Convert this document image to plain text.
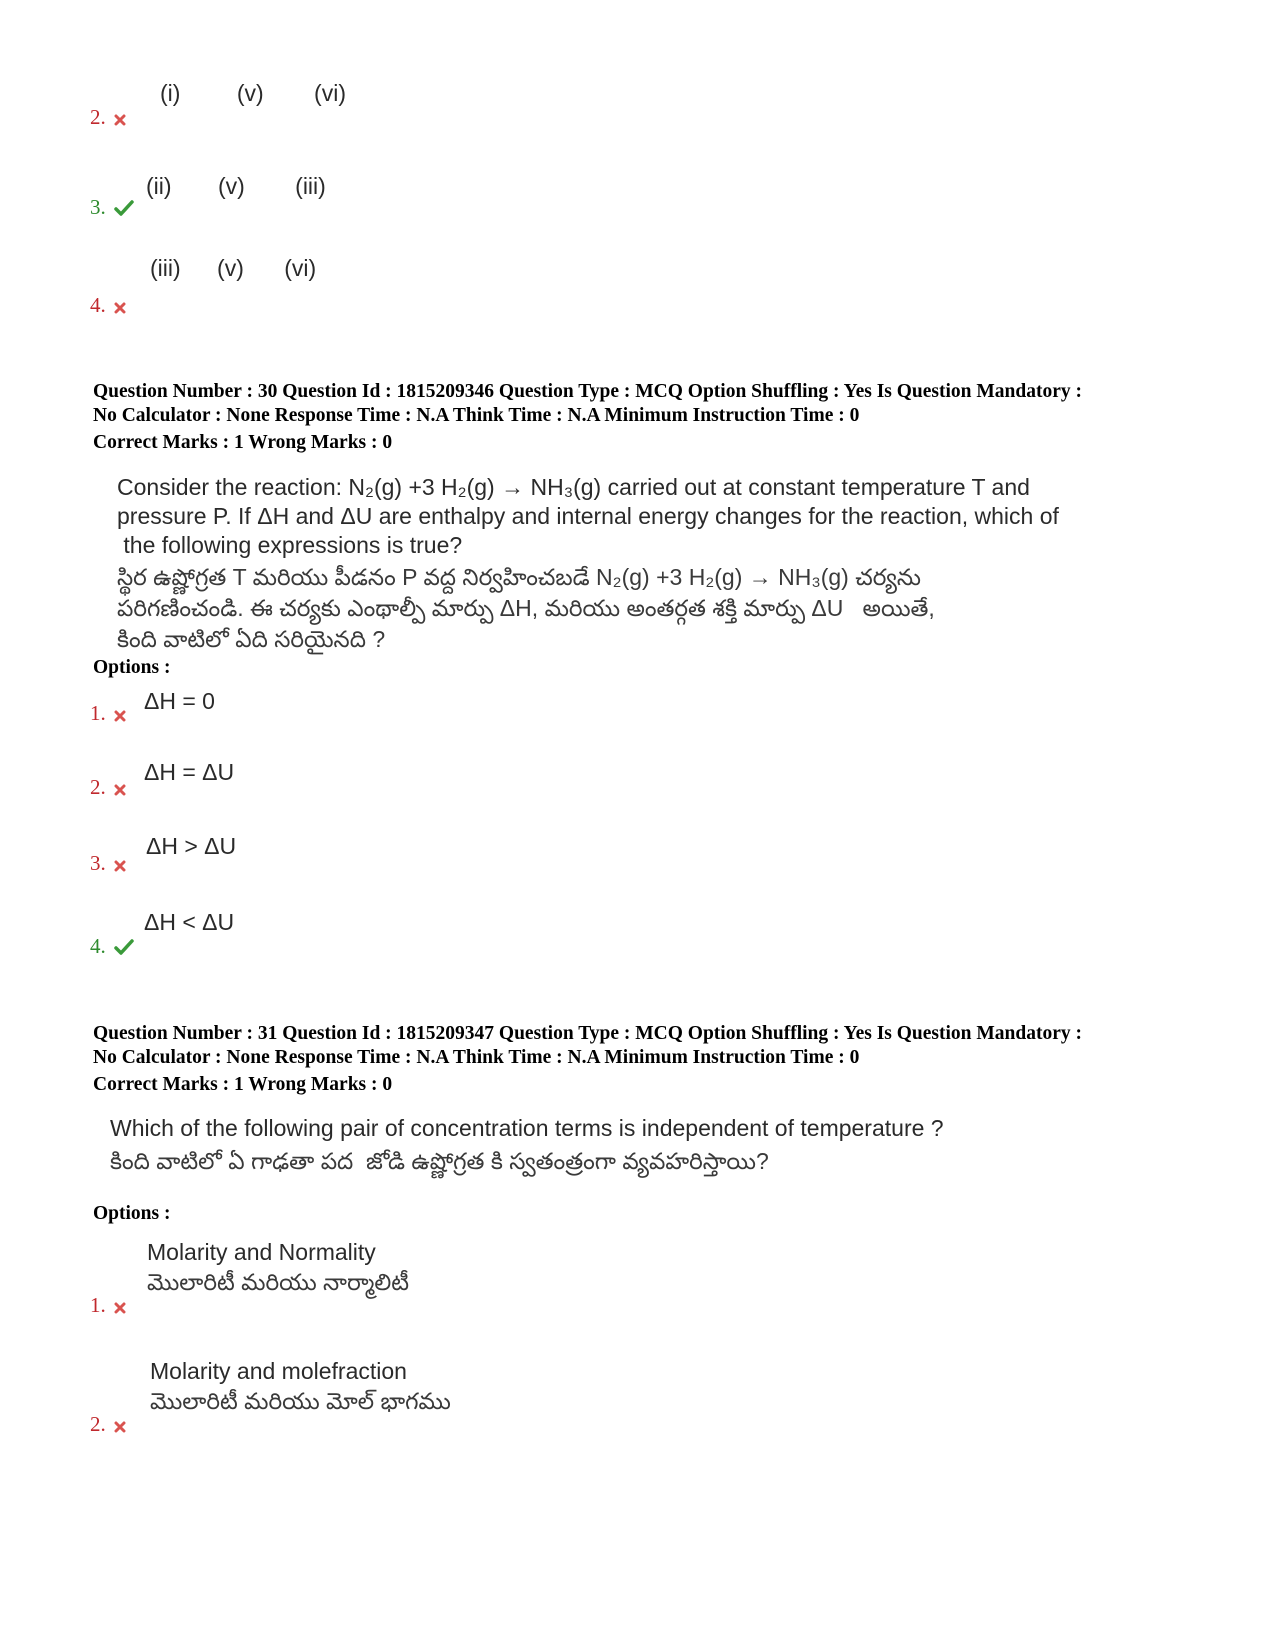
(i) (v) (vi)
2.
(ii) (v) (iii)
3.
(iii) (v) (vi)
4.
Question Number : 30 Question Id : 1815209346 Question Type : MCQ Option Shuffling : Yes Is Question Mandatory :
No Calculator : None Response Time : N.A Think Time : N.A Minimum Instruction Time : 0
Correct Marks : 1 Wrong Marks : 0
Consider the reaction: N₂(g) +3 H₂(g) → NH₃(g) carried out at constant temperature T and
pressure P. If ΔH and ΔU are enthalpy and internal energy changes for the reaction, which of
the following expressions is true?
స్థిర ఉష్ణోగ్రత T మరియు పీడనం P వద్ద నిర్వహించబడే N₂(g) +3 H₂(g) → NH₃(g) చర్యను
పరిగణించండి. ఈ చర్యకు ఎంథాల్పీ మార్పు ΔH, మరియు అంతర్గత శక్తి మార్పు ΔU   అయితే,
కింది వాటిలో ఏది సరియైనది ?
Options :
ΔH = 0
1.
ΔH = ΔU
2.
ΔH > ΔU
3.
ΔH < ΔU
4.
Question Number : 31 Question Id : 1815209347 Question Type : MCQ Option Shuffling : Yes Is Question Mandatory :
No Calculator : None Response Time : N.A Think Time : N.A Minimum Instruction Time : 0
Correct Marks : 1 Wrong Marks : 0
Which of the following pair of concentration terms is independent of temperature ?
కింది వాటిలో ఏ గాఢతా పద  జోడి ఉష్ణోగ్రత కి స్వతంత్రంగా వ్యవహరిస్తాయి?
Options :
Molarity and Normality
మొలారిటీ మరియు నార్మాలిటీ
1.
Molarity and molefraction
మొలారిటీ మరియు మోల్ భాగము
2.
